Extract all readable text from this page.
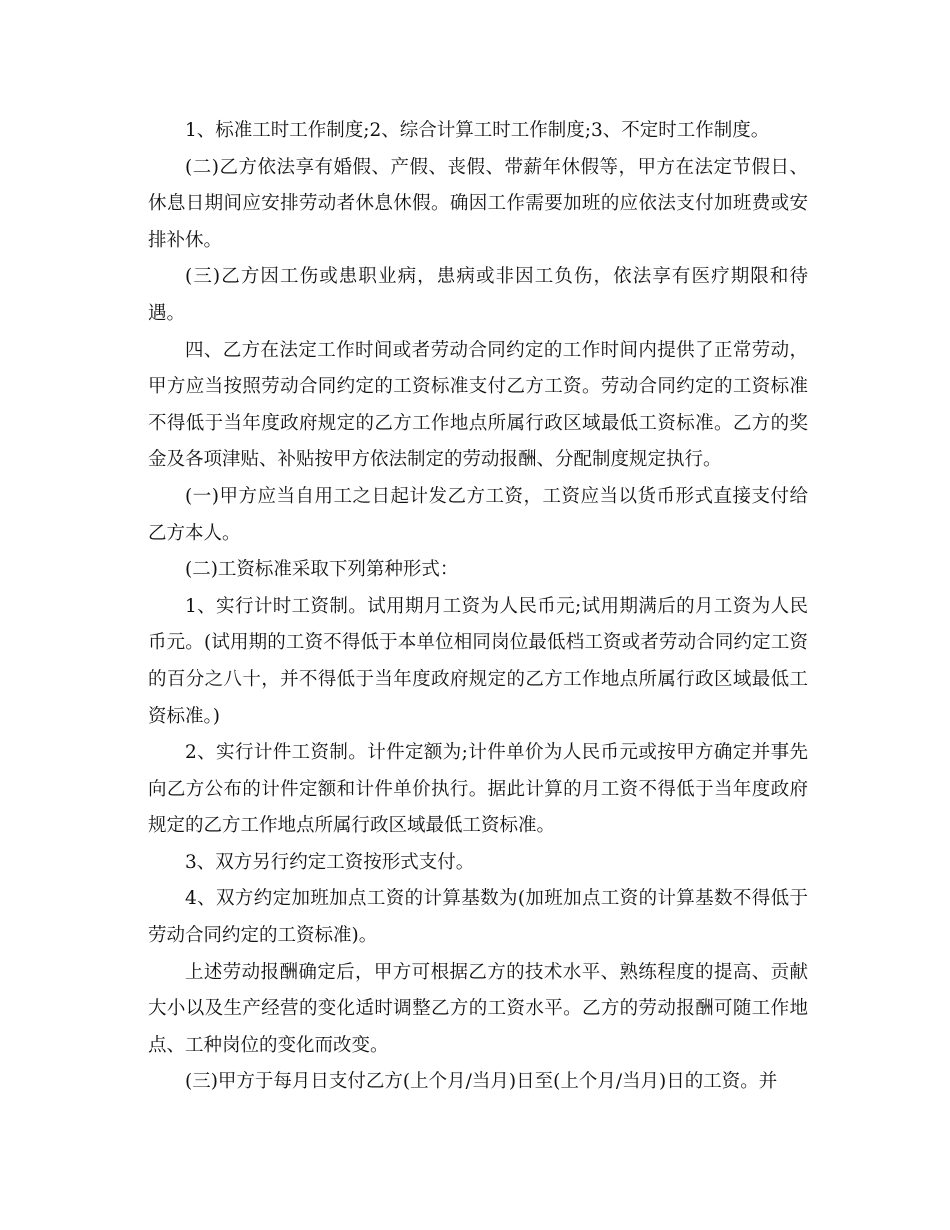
1、标准工时工作制度;2、综合计算工时工作制度;3、不定时工作制度。

(二)乙方依法享有婚假、产假、丧假、带薪年休假等，甲方在法定节假日、休息日期间应安排劳动者休息休假。确因工作需要加班的应依法支付加班费或安排补休。

(三)乙方因工伤或患职业病，患病或非因工负伤，依法享有医疗期限和待遇。

四、乙方在法定工作时间或者劳动合同约定的工作时间内提供了正常劳动，甲方应当按照劳动合同约定的工资标准支付乙方工资。劳动合同约定的工资标准不得低于当年度政府规定的乙方工作地点所属行政区域最低工资标准。乙方的奖金及各项津贴、补贴按甲方依法制定的劳动报酬、分配制度规定执行。

(一)甲方应当自用工之日起计发乙方工资，工资应当以货币形式直接支付给乙方本人。

(二)工资标准采取下列第种形式：

1、实行计时工资制。试用期月工资为人民币元;试用期满后的月工资为人民币元。(试用期的工资不得低于本单位相同岗位最低档工资或者劳动合同约定工资的百分之八十，并不得低于当年度政府规定的乙方工作地点所属行政区域最低工资标准。)

2、实行计件工资制。计件定额为;计件单价为人民币元或按甲方确定并事先向乙方公布的计件定额和计件单价执行。据此计算的月工资不得低于当年度政府规定的乙方工作地点所属行政区域最低工资标准。

3、双方另行约定工资按形式支付。

4、双方约定加班加点工资的计算基数为(加班加点工资的计算基数不得低于劳动合同约定的工资标准)。

上述劳动报酬确定后，甲方可根据乙方的技术水平、熟练程度的提高、贡献大小以及生产经营的变化适时调整乙方的工资水平。乙方的劳动报酬可随工作地点、工种岗位的变化而改变。

(三)甲方于每月日支付乙方(上个月/当月)日至(上个月/当月)日的工资。并
